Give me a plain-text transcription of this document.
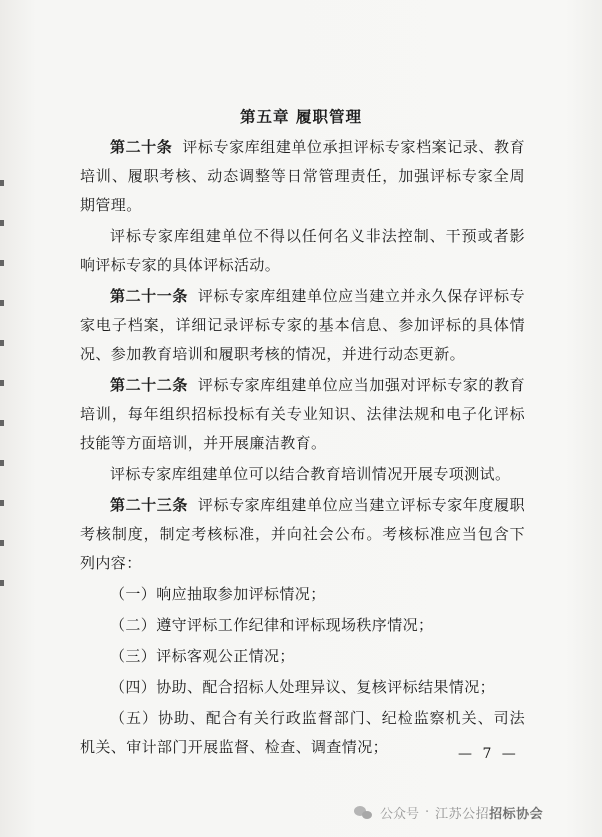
第五章 履职管理

第二十条 评标专家库组建单位承担评标专家档案记录、教育培训、履职考核、动态调整等日常管理责任，加强评标专家全周期管理。

评标专家库组建单位不得以任何名义非法控制、干预或者影响评标专家的具体评标活动。

第二十一条 评标专家库组建单位应当建立并永久保存评标专家电子档案，详细记录评标专家的基本信息、参加评标的具体情况、参加教育培训和履职考核的情况，并进行动态更新。

第二十二条 评标专家库组建单位应当加强对评标专家的教育培训，每年组织招标投标有关专业知识、法律法规和电子化评标技能等方面培训，并开展廉洁教育。

评标专家库组建单位可以结合教育培训情况开展专项测试。

第二十三条 评标专家库组建单位应当建立评标专家年度履职考核制度，制定考核标准，并向社会公布。考核标准应当包含下列内容：

（一）响应抽取参加评标情况；

（二）遵守评标工作纪律和评标现场秩序情况；

（三）评标客观公正情况；

（四）协助、配合招标人处理异议、复核评标结果情况；

（五）协助、配合有关行政监督部门、纪检监察机关、司法机关、审计部门开展监督、检查、调查情况；	— 7 —
公众号 · 江苏公招招标协会
